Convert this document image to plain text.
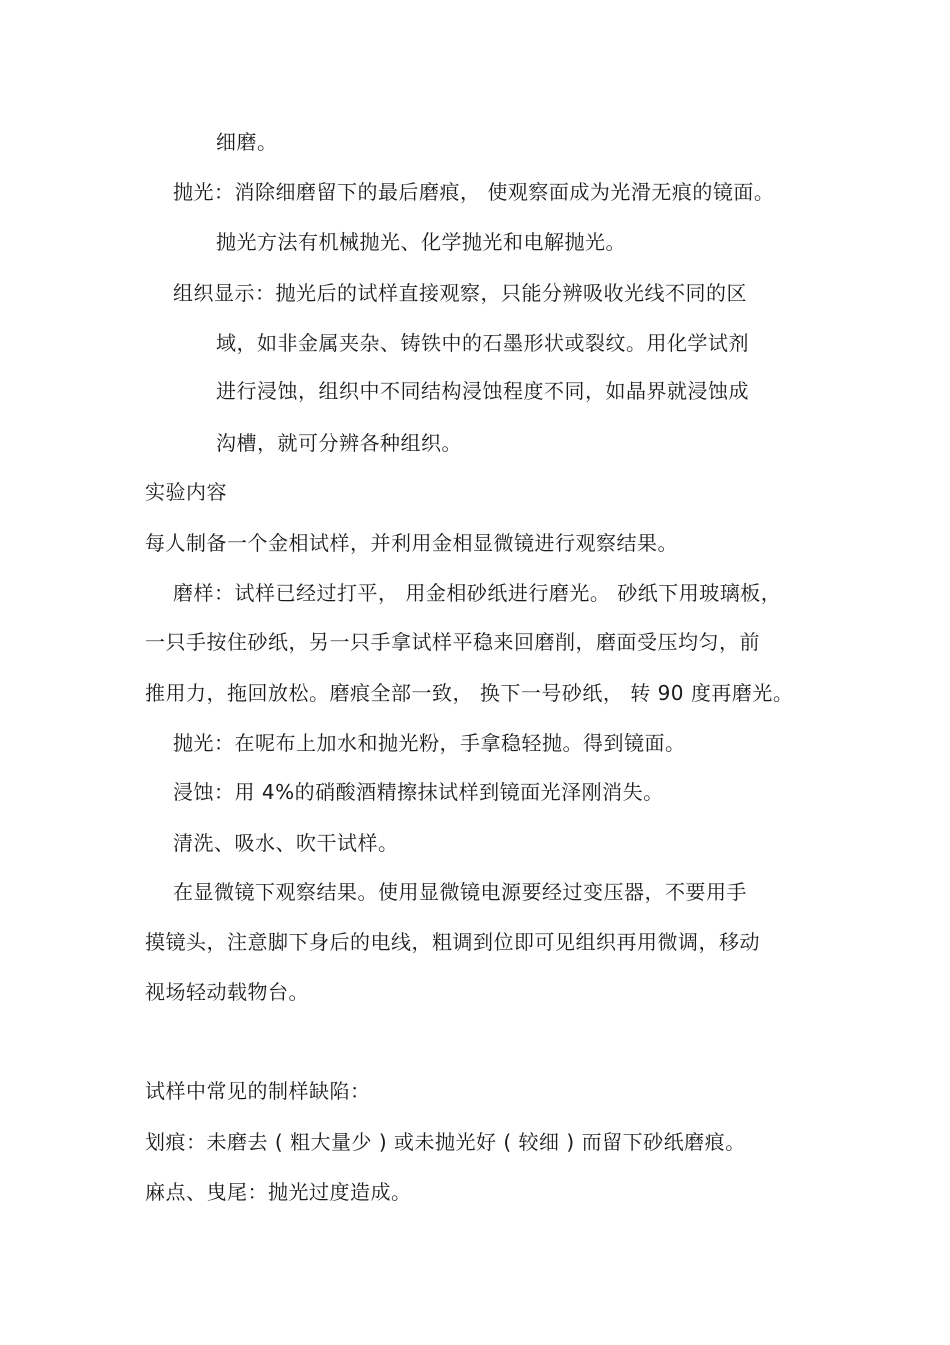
细磨。
抛光：消除细磨留下的最后磨痕， 使观察面成为光滑无痕的镜面。
抛光方法有机械抛光、化学抛光和电解抛光。
组织显示：抛光后的试样直接观察，只能分辨吸收光线不同的区
域，如非金属夹杂、铸铁中的石墨形状或裂纹。用化学试剂
进行浸蚀，组织中不同结构浸蚀程度不同，如晶界就浸蚀成
沟槽，就可分辨各种组织。
实验内容
每人制备一个金相试样，并利用金相显微镜进行观察结果。
磨样：试样已经过打平， 用金相砂纸进行磨光。 砂纸下用玻璃板，
一只手按住砂纸，另一只手拿试样平稳来回磨削，磨面受压均匀，前
推用力，拖回放松。磨痕全部一致， 换下一号砂纸， 转 90 度再磨光。
抛光：在呢布上加水和抛光粉，手拿稳轻抛。得到镜面。
浸蚀：用 4%的硝酸酒精擦抹试样到镜面光泽刚消失。
清洗、吸水、吹干试样。
在显微镜下观察结果。使用显微镜电源要经过变压器，不要用手
摸镜头，注意脚下身后的电线，粗调到位即可见组织再用微调，移动
视场轻动载物台。
试样中常见的制样缺陷：
划痕：未磨去 ( 粗大量少 ) 或未抛光好 ( 较细 ) 而留下砂纸磨痕。
麻点、曳尾：抛光过度造成。
